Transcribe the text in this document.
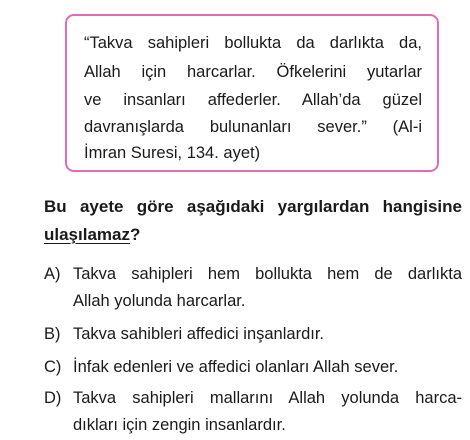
“Takva sahipleri bollukta da darlıkta da,
Allah için harcarlar. Öfkelerini yutarlar
ve insanları affederler. Allah’da güzel
davranışlarda bulunanları sever.” (Al-i
İmran Suresi, 134. ayet)
Bu ayete göre aşağıdaki yargılardan hangisine
ulaşılamaz?
A) Takva sahipleri hem bollukta hem de darlıkta
Allah yolunda harcarlar.
B) Takva sahibleri affedici inşanlardır.
C) İnfak edenleri ve affedici olanları Allah sever.
D) Takva sahipleri mallarını Allah yolunda harca-
dıkları için zengin insanlardır.
